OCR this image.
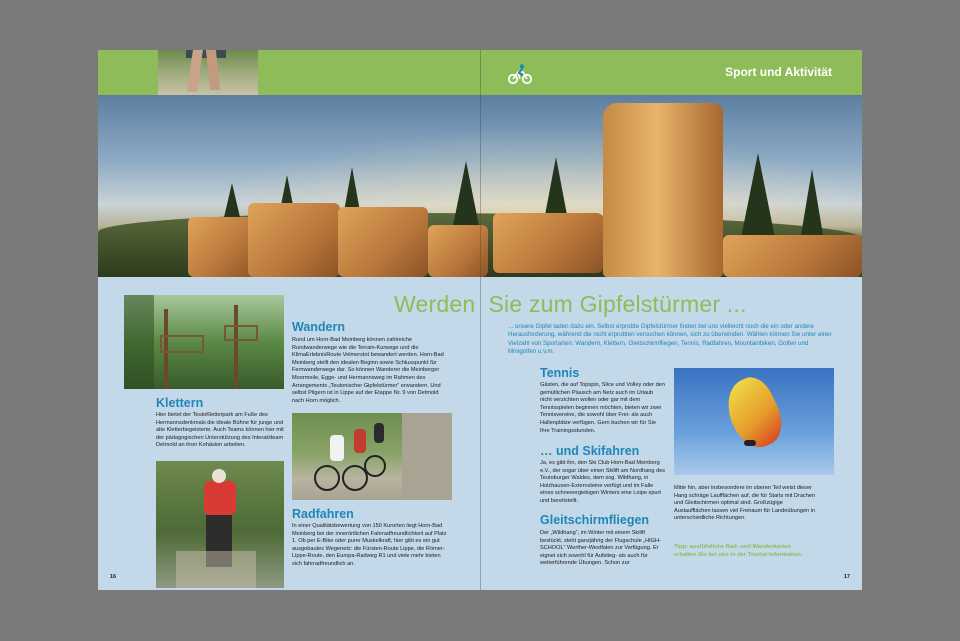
Sport und Aktivität
Werden  Sie zum Gipfelstürmer ...
Wandern
Rund um Horn-Bad Meinberg können zahlreiche Rundwanderwege wie die Terrain-Kurwege und die KlimaErlebnisRoute Velmerstot bewandert werden. Horn-Bad Meinberg stellt den idealen Beginn sowie Schlusspunkt für Fernwanderwege dar. So können Wanderer die Meinberger Moormeile, Egge- und Hermannsweg im Rahmen des Arrangements „Teutonischer Gipfelstürmer“ erwandern. Und selbst Pilgern ist in Lippe auf der Etappe Nr. 9 von Detmold nach Horn möglich.
Klettern
Hier bietet der TeutoKletterpark am Fuße des Hermannsdenkmals die ideale Bühne für junge und alte Kletterbegeisterte. Auch Teams können hier mit der pädagogischen Unterstützung des Interaktteam Detmold an ihrer Kohäsion arbeiten.
Radfahren
In einer Qualitätsbewertung von 150 Kurorten liegt Horn-Bad Meinberg bei der innerörtlichen Fahrradfreundlichkeit auf Platz 1. Ob per E-Bike oder purer Muskelkraft, hier gibt es ein gut ausgebautes Wegenetz: die Fürsten-Route Lippe, die Römer-Lippe-Route, den Europa-Radweg R1 und viele mehr bieten sich fahrradfreundlich an.
16
... unsere Gipfel laden dazu ein. Selbst erprobte Gipfelstürmer finden bei uns vielleicht noch die ein oder andere Herausforderung, während die nicht erprobten versuchen können, sich zu überwinden. Wählen können Sie unter einer Vielzahl von Sportarten: Wandern, Klettern, Gleitschirmfliegen, Tennis, Radfahren, Mountainbiken, Golfen und Minigolfen u.v.m.
Tennis
Gästen, die auf Topspin, Slice und Volley oder den gemütlichen Plausch am Netz auch im Urlaub nicht verzichten wollen oder gar mit dem Tennisspielen beginnen möchten, bieten wir zwei Tennisvereine, die sowohl über Frei- als auch Hallenplätze verfügen. Gern buchen wir für Sie Ihre Trainingsstunden.
… und Skifahren
Ja, es gibt ihn, den Ski Club Horn-Bad Meinberg e.V., der sogar über einen Skilift am Nordhang des Teutoburger Waldes, dem sog. Wildhang, in Holzhausen-Externsteine verfügt und im Falle eines schneeergiebigen Winters eine Loipe spurt und bereitstellt.
Gleitschirmfliegen
Der „Wildhang“, im Winter mit einem Skilift bestückt, steht ganzjährig der Flugschule „HIGH-SCHOOL“ Werther-Westfalen zur Verfügung. Er eignet sich sowohl für Aufstieg- als auch für weiterführende Übungen. Schon zur
Mitte hin, aber insbesondere im oberen Teil weist dieser Hang schräge Laufflächen auf, die für Starts mit Drachen und Gleitschirmen optimal sind. Großzügige Auslaufflächen lassen viel Freiraum für Landeübungen in unterschiedliche Richtungen.
Tipp: ausführliche Rad- und Wanderkarten erhalten Sie bei uns in der Tourist-Information.
17
